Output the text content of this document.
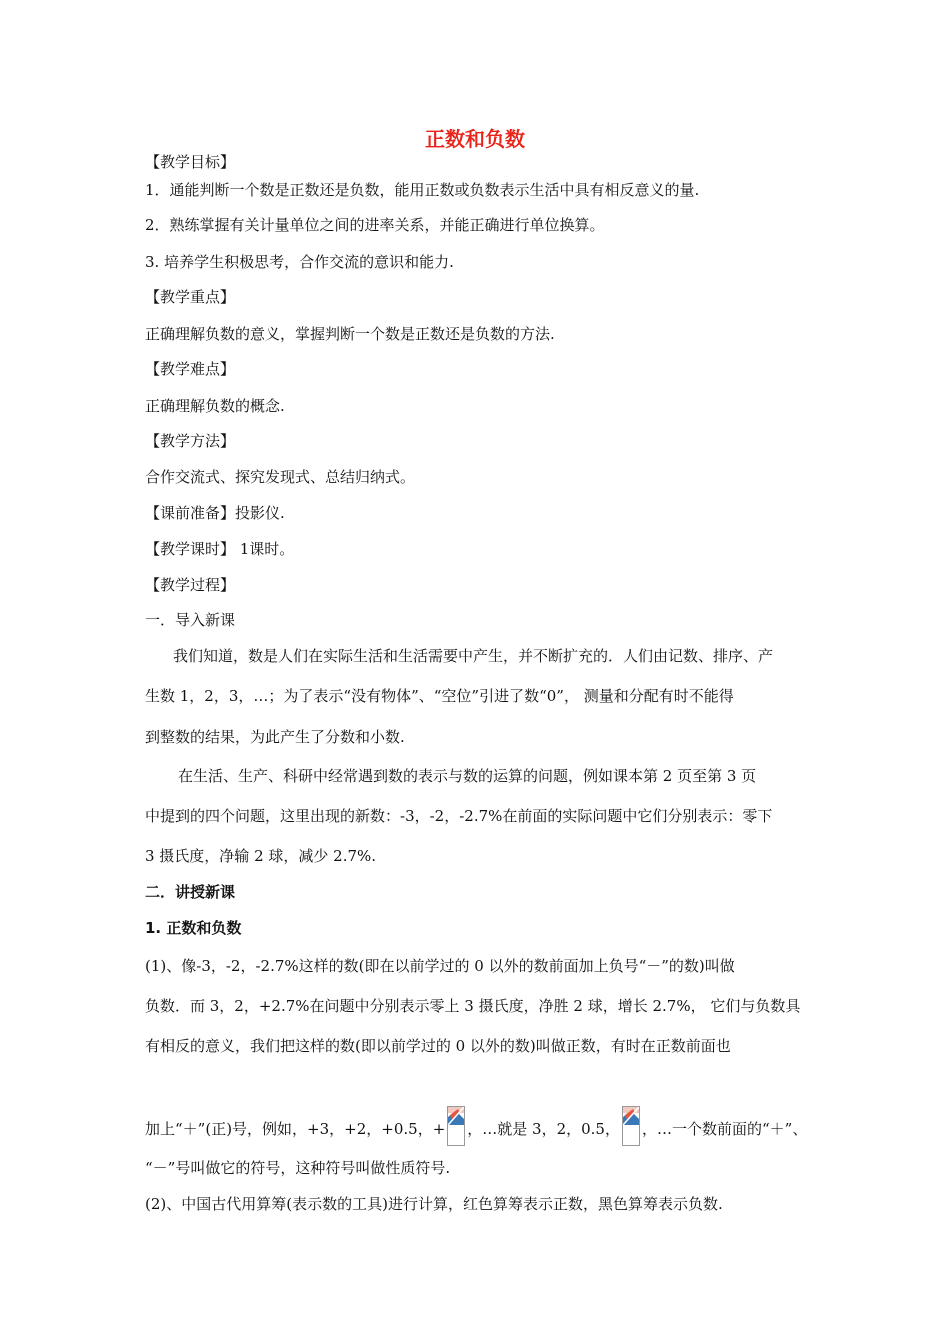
正数和负数
【教学目标】
1．通能判断一个数是正数还是负数，能用正数或负数表示生活中具有相反意义的量.
2．熟练掌握有关计量单位之间的进率关系，并能正确进行单位换算。
3. 培养学生积极思考，合作交流的意识和能力.
【教学重点】
正确理解负数的意义，掌握判断一个数是正数还是负数的方法.
【教学难点】
正确理解负数的概念.
【教学方法】
合作交流式、探究发现式、总结归纳式。
【课前准备】投影仪.
【教学课时】 1课时。
【教学过程】
一．导入新课
我们知道，数是人们在实际生活和生活需要中产生，并不断扩充的．人们由记数、排序、产
生数 1，2，3，…；为了表示“没有物体”、“空位”引进了数“0”， 测量和分配有时不能得
到整数的结果，为此产生了分数和小数.
在生活、生产、科研中经常遇到数的表示与数的运算的问题，例如课本第 2 页至第 3 页
中提到的四个问题，这里出现的新数：-3，-2，-2.7%在前面的实际问题中它们分别表示：零下
3 摄氏度，净输 2 球，减少 2.7%.
二．讲授新课
1. 正数和负数
(1)、像-3，-2，-2.7%这样的数(即在以前学过的 0 以外的数前面加上负号“－”的数)叫做
负数．而 3，2，+2.7%在问题中分别表示零上 3 摄氏度，净胜 2 球，增长 2.7%， 它们与负数具
有相反的意义，我们把这样的数(即以前学过的 0 以外的数)叫做正数，有时在正数前面也
加上“＋”(正)号，例如，+3，+2，+0.5，+ ，…就是 3，2，0.5， ，…一个数前面的“＋”、
“－”号叫做它的符号，这种符号叫做性质符号.
(2)、中国古代用算筹(表示数的工具)进行计算，红色算筹表示正数，黑色算筹表示负数.
